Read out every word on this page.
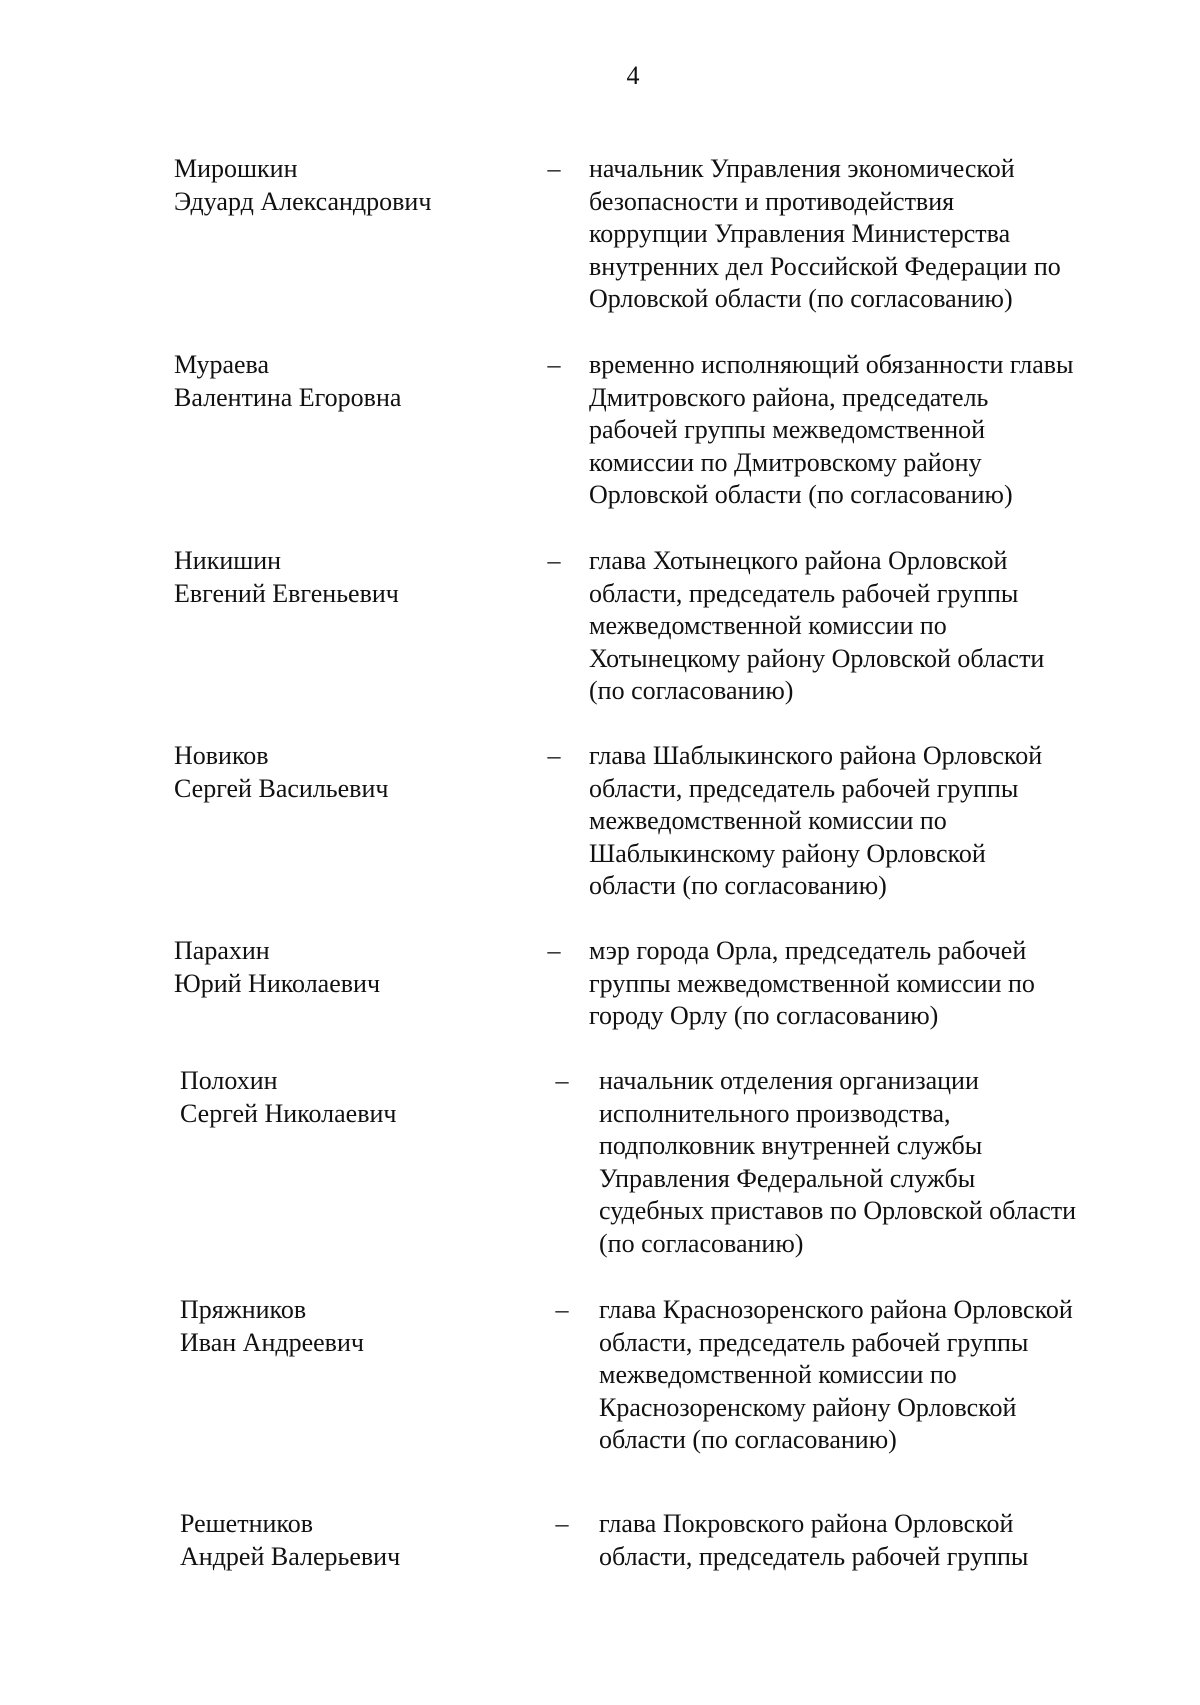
4
Мирошкин
Эдуард Александрович
– начальник Управления экономической
безопасности и противодействия
коррупции Управления Министерства
внутренних дел Российской Федерации по
Орловской области (по согласованию)
Мураева
Валентина Егоровна
– временно исполняющий обязанности главы
Дмитровского района, председатель
рабочей группы межведомственной
комиссии по Дмитровскому району
Орловской области (по согласованию)
Никишин
Евгений Евгеньевич
– глава Хотынецкого района Орловской
области, председатель рабочей группы
межведомственной комиссии по
Хотынецкому району Орловской области
(по согласованию)
Новиков
Сергей Васильевич
– глава Шаблыкинского района Орловской
области, председатель рабочей группы
межведомственной комиссии по
Шаблыкинскому району Орловской
области (по согласованию)
Парахин
Юрий Николаевич
– мэр города Орла, председатель рабочей
группы межведомственной комиссии по
городу Орлу (по согласованию)
Полохин
Сергей Николаевич
– начальник отделения организации
исполнительного производства,
подполковник внутренней службы
Управления Федеральной службы
судебных приставов по Орловской области
(по согласованию)
Пряжников
Иван Андреевич
– глава Краснозоренского района Орловской
области, председатель рабочей группы
межведомственной комиссии по
Краснозоренскому району Орловской
области (по согласованию)
Решетников
Андрей Валерьевич
– глава Покровского района Орловской
области, председатель рабочей группы
